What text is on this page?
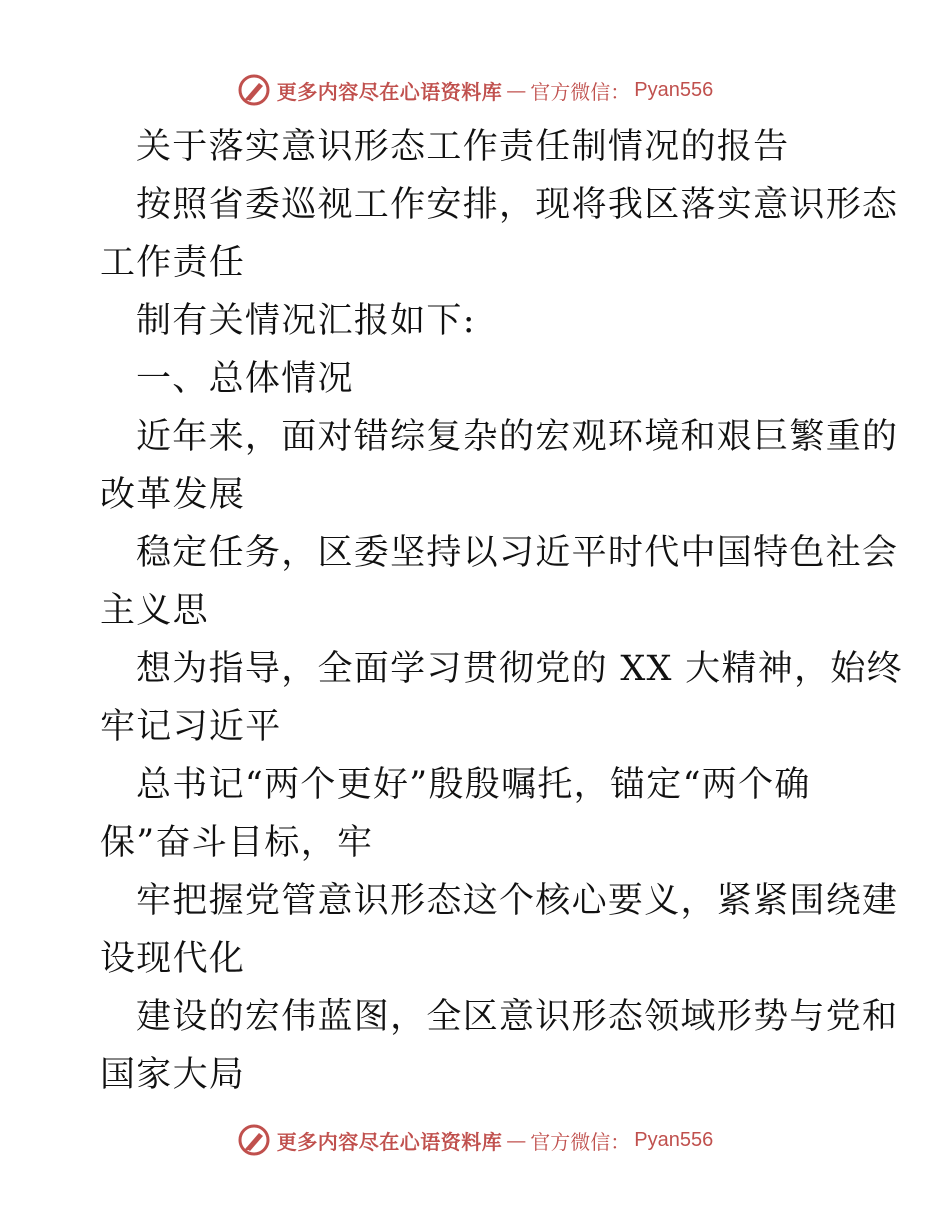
更多内容尽在心语资料库 — 官方微信： Pyan556
关于落实意识形态工作责任制情况的报告
按照省委巡视工作安排，现将我区落实意识形态
工作责任
制有关情况汇报如下:
一、总体情况
近年来，面对错综复杂的宏观环境和艰巨繁重的
改革发展
稳定任务，区委坚持以习近平时代中国特色社会
主义思
想为指导，全面学习贯彻党的 XX 大精神，始终
牢记习近平
总书记“两个更好”殷殷嘱托，锚定“两个确
保”奋斗目标，牢
牢把握党管意识形态这个核心要义，紧紧围绕建
设现代化
建设的宏伟蓝图，全区意识形态领域形势与党和
国家大局
更多内容尽在心语资料库 — 官方微信： Pyan556
